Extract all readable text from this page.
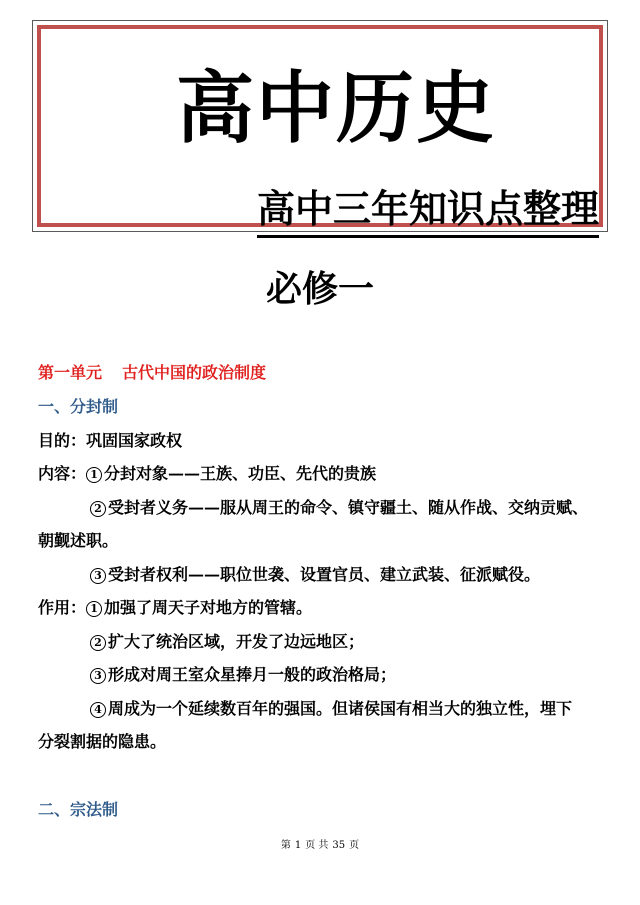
高中历史
高中三年知识点整理
必修一
第一单元 古代中国的政治制度
一、分封制
目的：巩固国家政权
内容： 1 分封对象——王族、功臣、先代的贵族
2 受封者义务——服从周王的命令、镇守疆土、随从作战、交纳贡赋、
朝觐述职。
3 受封者权利——职位世袭、设置官员、建立武装、征派赋役。
作用： 1 加强了周天子对地方的管辖。
2 扩大了统治区域，开发了边远地区；
3 形成对周王室众星捧月一般的政治格局；
4 周成为一个延续数百年的强国。但诸侯国有相当大的独立性，埋下
分裂割据的隐患。
二、宗法制
第 1 页 共 35 页
